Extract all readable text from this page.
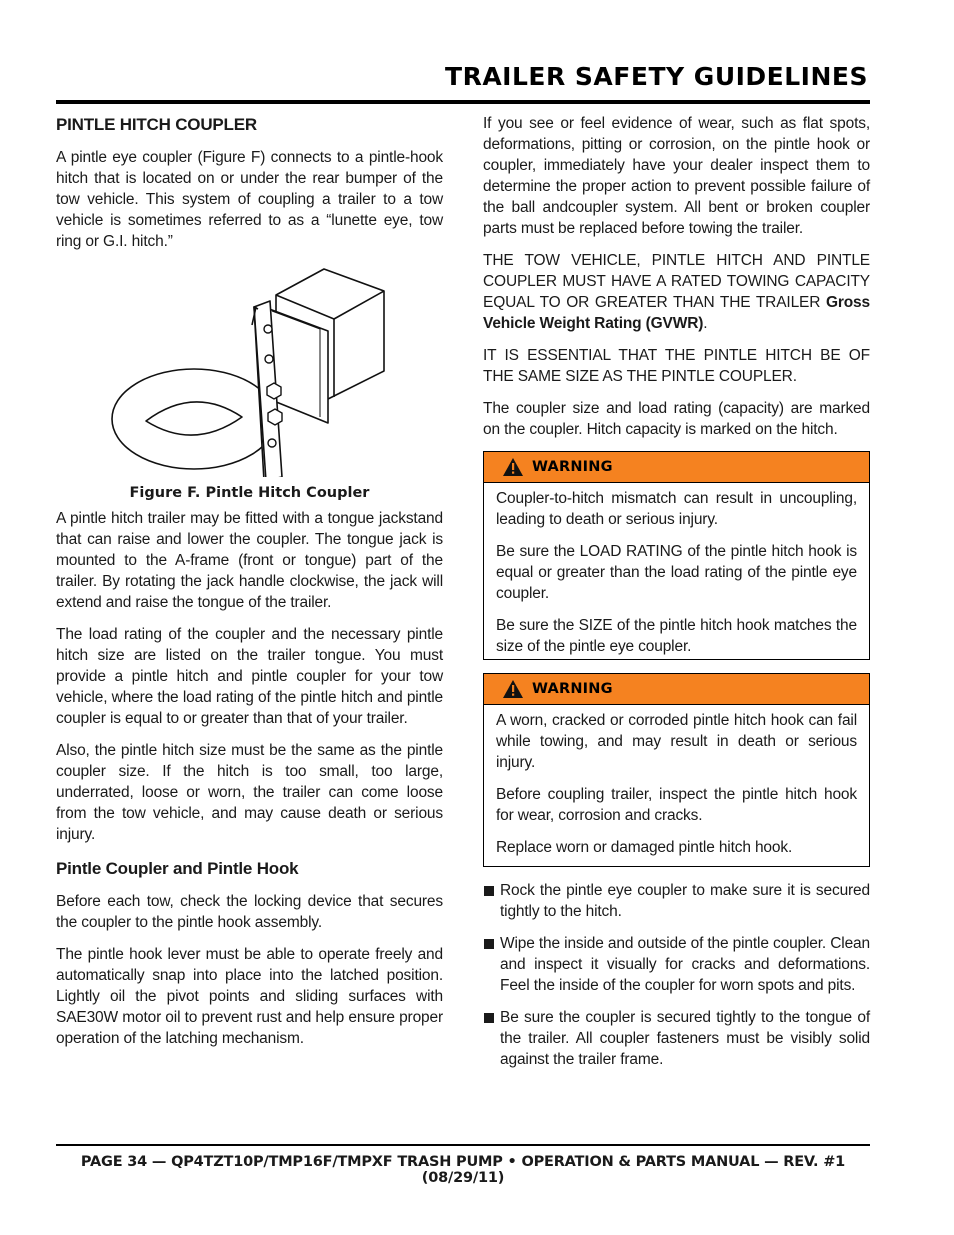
TRAILER SAFETY GUIDELINES
PINTLE HITCH COUPLER

A pintle eye coupler (Figure F) connects to a pintle-hook hitch that is located on or under the rear bumper of the tow vehicle. This system of coupling a trailer to a tow vehicle is sometimes referred to as a “lunette eye, tow ring or G.I. hitch.”

Figure F. Pintle Hitch Coupler

A pintle hitch trailer may be fitted with a tongue jackstand that can raise and lower the coupler. The tongue jack is mounted to the A-frame (front or tongue) part of the trailer. By rotating the jack handle clockwise, the jack will extend and raise the tongue of the trailer.

The load rating of the coupler and the necessary pintle hitch size are listed on the trailer tongue. You must provide a pintle hitch and pintle coupler for your tow vehicle, where the load rating of the pintle hitch and pintle coupler is equal to or greater than that of your trailer.

Also, the pintle hitch size must be the same as the pintle coupler size. If the hitch is too small, too large, underrated, loose or worn, the trailer can come loose from the tow vehicle, and may cause death or serious injury.

Pintle Coupler and Pintle Hook

Before each tow, check the locking device that secures the coupler to the pintle hook assembly.

The pintle hook lever must be able to operate freely and automatically snap into place into the latched position. Lightly oil the pivot points and sliding surfaces with SAE30W motor oil to prevent rust and help ensure proper operation of the latching mechanism.

If you see or feel evidence of wear, such as flat spots, deformations, pitting or corrosion, on the pintle hook or coupler, immediately have your dealer inspect them to determine the proper action to prevent possible failure of the ball andcoupler system. All bent or broken coupler parts must be replaced before towing the trailer.

THE TOW VEHICLE, PINTLE HITCH AND PINTLE COUPLER MUST HAVE A RATED TOWING CAPACITY EQUAL TO OR GREATER THAN THE TRAILER Gross Vehicle Weight Rating (GVWR).

IT IS ESSENTIAL THAT THE PINTLE HITCH BE OF THE SAME SIZE AS THE PINTLE COUPLER.

The coupler size and load rating (capacity) are marked on the coupler. Hitch capacity is marked on the hitch.

WARNING

Coupler-to-hitch mismatch can result in uncoupling, leading to death or serious injury.

Be sure the LOAD RATING of the pintle hitch hook is equal or greater than the load rating of the pintle eye coupler.

Be sure the SIZE of the pintle hitch hook matches the size of the pintle eye coupler.

WARNING

A worn, cracked or corroded pintle hitch hook can fail while towing, and may result in death or serious injury.

Before coupling trailer, inspect the pintle hitch hook for wear, corrosion and cracks.

Replace worn or damaged pintle hitch hook.

Rock the pintle eye coupler to make sure it is secured tightly to the hitch.

Wipe the inside and outside of the pintle coupler. Clean and inspect it visually for cracks and deformations. Feel the inside of the coupler for worn spots and pits.

Be sure the coupler is secured tightly to the tongue of the trailer. All coupler fasteners must be visibly solid against the trailer frame.

PAGE 34 — QP4TZT10P/TMP16F/TMPXF TRASH PUMP • OPERATION & PARTS MANUAL — REV. #1 (08/29/11)
